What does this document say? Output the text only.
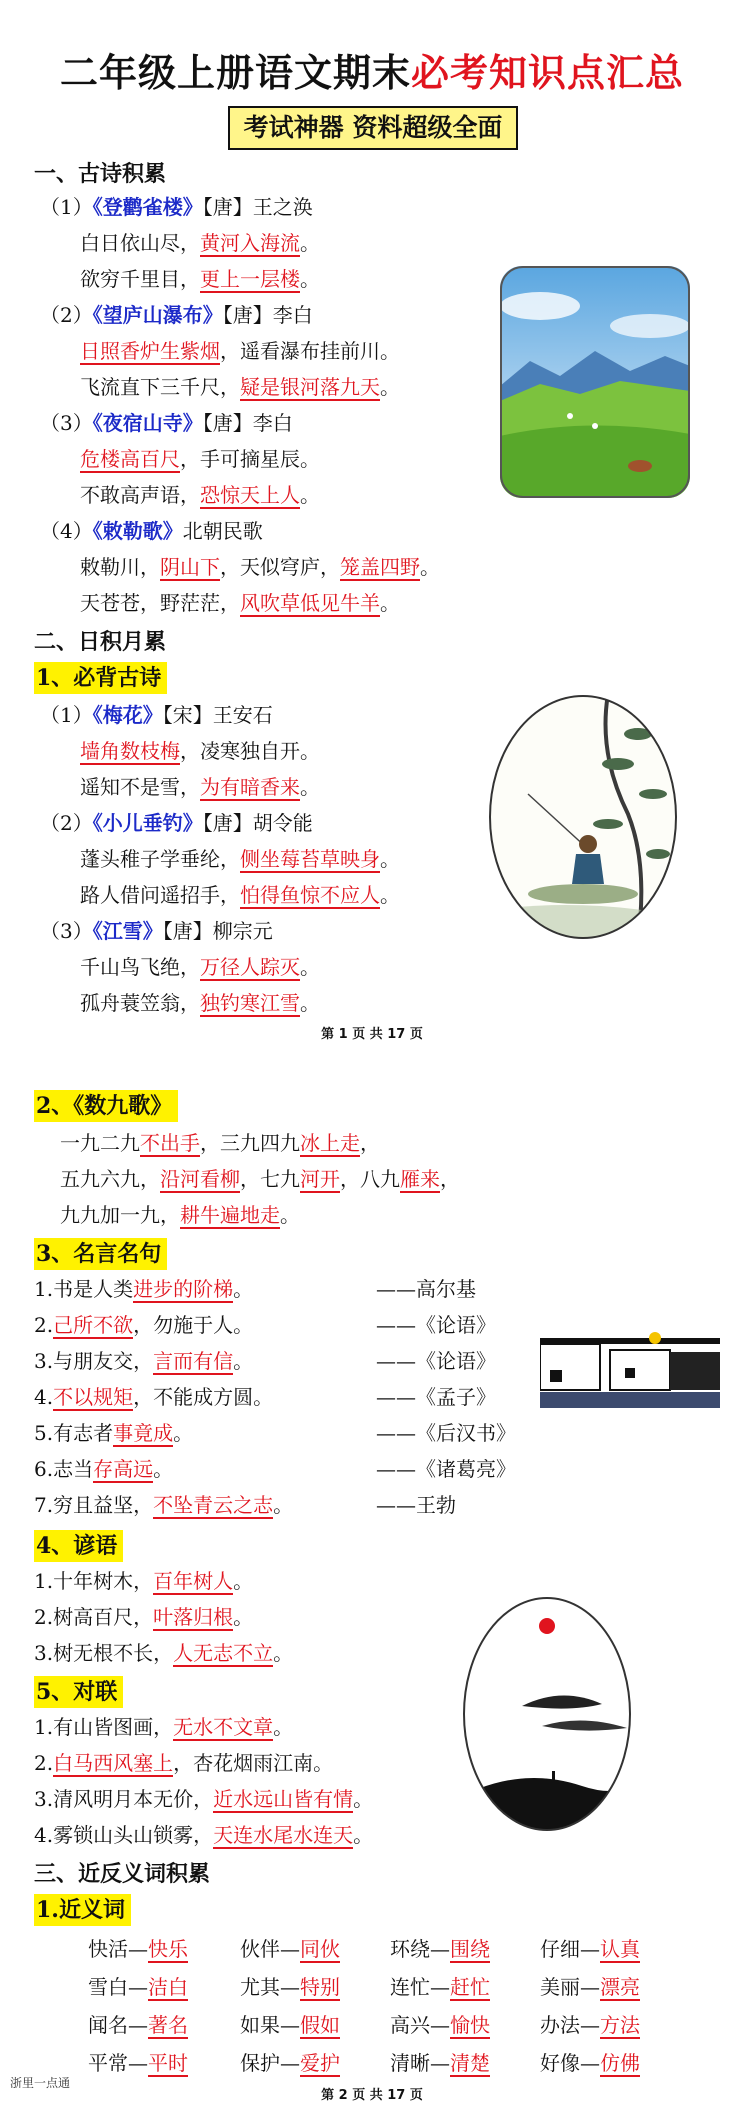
二年级上册语文期末必考知识点汇总
考试神器 资料超级全面
一、古诗积累
（1）《登鹳雀楼》【唐】王之涣
白日依山尽，黄河入海流。
欲穷千里目，更上一层楼。
（2）《望庐山瀑布》【唐】李白
日照香炉生紫烟，遥看瀑布挂前川。
飞流直下三千尺，疑是银河落九天。
（3）《夜宿山寺》【唐】李白
危楼高百尺，手可摘星辰。
不敢高声语，恐惊天上人。
（4）《敕勒歌》北朝民歌
敕勒川，阴山下，天似穹庐，笼盖四野。
天苍苍，野茫茫，风吹草低见牛羊。
二、日积月累
1、必背古诗
（1）《梅花》【宋】王安石
墙角数枝梅，凌寒独自开。
遥知不是雪，为有暗香来。
（2）《小儿垂钓》【唐】胡令能
蓬头稚子学垂纶，侧坐莓苔草映身。
路人借问遥招手，怕得鱼惊不应人。
（3）《江雪》【唐】柳宗元
千山鸟飞绝，万径人踪灭。
孤舟蓑笠翁，独钓寒江雪。
第 1 页 共 17 页
2、《数九歌》
一九二九不出手，三九四九冰上走，
五九六九，沿河看柳，七九河开，八九雁来，
九九加一九，耕牛遍地走。
3、名言名句
1.书是人类进步的阶梯。	——高尔基
2.己所不欲，勿施于人。	——《论语》
3.与朋友交，言而有信。	——《论语》
4.不以规矩，不能成方圆。	——《孟子》
5.有志者事竟成。	——《后汉书》
6.志当存高远。	——《诸葛亮》
7.穷且益坚，不坠青云之志。	——王勃
4、谚语
1.十年树木，百年树人。
2.树高百尺，叶落归根。
3.树无根不长，人无志不立。
5、对联
1.有山皆图画，无水不文章。
2.白马西风塞上，杏花烟雨江南。
3.清风明月本无价，近水远山皆有情。
4.雾锁山头山锁雾，天连水尾水连天。
三、近反义词积累
1.近义词
快活—快乐	伙伴—同伙	环绕—围绕	仔细—认真
雪白—洁白	尤其—特别	连忙—赶忙	美丽—漂亮
闻名—著名	如果—假如	高兴—愉快	办法—方法
平常—平时	保护—爱护	清晰—清楚	好像—仿佛
浙里一点通
第 2 页 共 17 页
